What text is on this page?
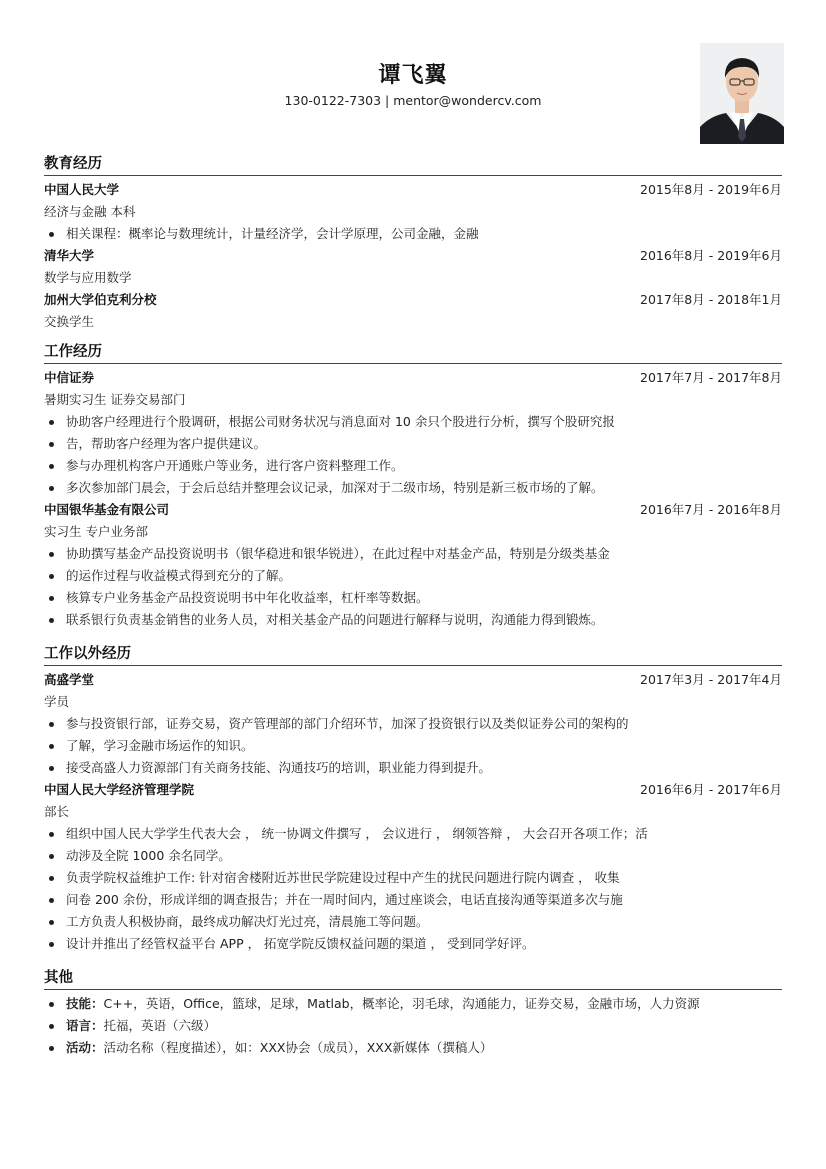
谭飞翼
130-0122-7303 | mentor@wondercv.com
教育经历
中国人民大学	2015年8月 - 2019年6月
经济与金融 本科
相关课程：概率论与数理统计，计量经济学，会计学原理，公司金融，金融
清华大学	2016年8月 - 2019年6月
数学与应用数学
加州大学伯克利分校	2017年8月 - 2018年1月
交换学生
工作经历
中信证券	2017年7月 - 2017年8月
暑期实习生 证券交易部门
协助客户经理进行个股调研，根据公司财务状况与消息面对 10 余只个股进行分析，撰写个股研究报
告，帮助客户经理为客户提供建议。
参与办理机构客户开通账户等业务，进行客户资料整理工作。
多次参加部门晨会，于会后总结并整理会议记录，加深对于二级市场，特别是新三板市场的了解。
中国银华基金有限公司	2016年7月 - 2016年8月
实习生 专户业务部
协助撰写基金产品投资说明书（银华稳进和银华锐进），在此过程中对基金产品，特别是分级类基金
的运作过程与收益模式得到充分的了解。
核算专户业务基金产品投资说明书中年化收益率，杠杆率等数据。
联系银行负责基金销售的业务人员，对相关基金产品的问题进行解释与说明，沟通能力得到锻炼。
工作以外经历
高盛学堂	2017年3月 - 2017年4月
学员
参与投资银行部，证券交易，资产管理部的部门介绍环节，加深了投资银行以及类似证券公司的架构的
了解，学习金融市场运作的知识。
接受高盛人力资源部门有关商务技能、沟通技巧的培训，职业能力得到提升。
中国人民大学经济管理学院	2016年6月 - 2017年6月
部长
组织中国人民大学学生代表大会 ， 统一协调文件撰写 ， 会议进行 ， 纲领答辩 ， 大会召开各项工作；活
动涉及全院 1000 余名同学。
负责学院权益维护工作: 针对宿舍楼附近苏世民学院建设过程中产生的扰民问题进行院内调查 ， 收集
问卷 200 余份，形成详细的调查报告；并在一周时间内，通过座谈会，电话直接沟通等渠道多次与施
工方负责人积极协商，最终成功解决灯光过亮，清晨施工等问题。
设计并推出了经管权益平台 APP ， 拓宽学院反馈权益问题的渠道 ， 受到同学好评。
其他
技能：C++，英语，Office，篮球，足球，Matlab，概率论，羽毛球，沟通能力，证券交易，金融市场，人力资源
语言：托福，英语（六级）
活动：活动名称（程度描述），如：XXX协会（成员），XXX新媒体（撰稿人）
